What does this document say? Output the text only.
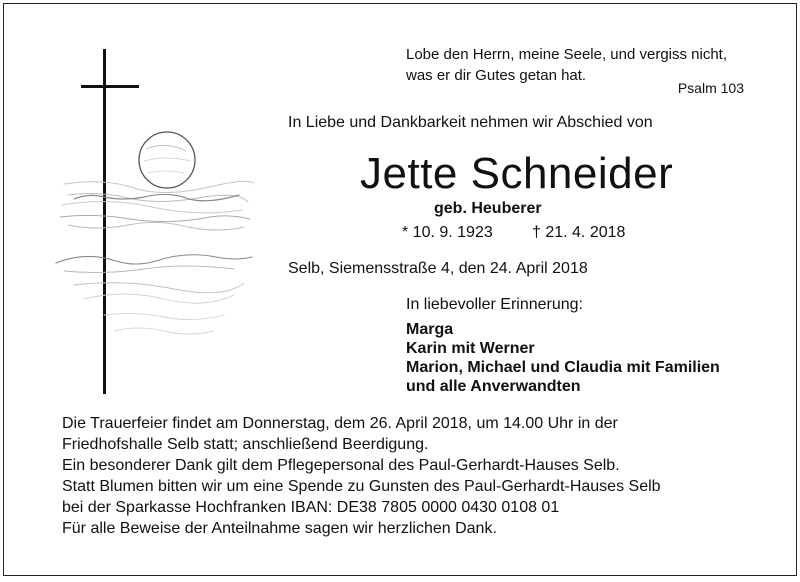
Lobe den Herrn, meine Seele, und vergiss nicht,
was er dir Gutes getan hat.
Psalm 103
In Liebe und Dankbarkeit nehmen wir Abschied von
Jette Schneider
geb. Heuberer
* 10. 9. 1923 † 21. 4. 2018
Selb, Siemensstraße 4, den 24. April 2018
In liebevoller Erinnerung:
Marga
Karin mit Werner
Marion, Michael und Claudia mit Familien
und alle Anverwandten

Die Trauerfeier findet am Donnerstag, dem 26. April 2018, um 14.00 Uhr in der

Friedhofshalle Selb statt; anschließend Beerdigung.

Ein besonderer Dank gilt dem Pflegepersonal des Paul-Gerhardt-Hauses Selb.

Statt Blumen bitten wir um eine Spende zu Gunsten des Paul-Gerhardt-Hauses Selb

bei der Sparkasse Hochfranken IBAN: DE38 7805 0000 0430 0108 01

Für alle Beweise der Anteilnahme sagen wir herzlichen Dank.
